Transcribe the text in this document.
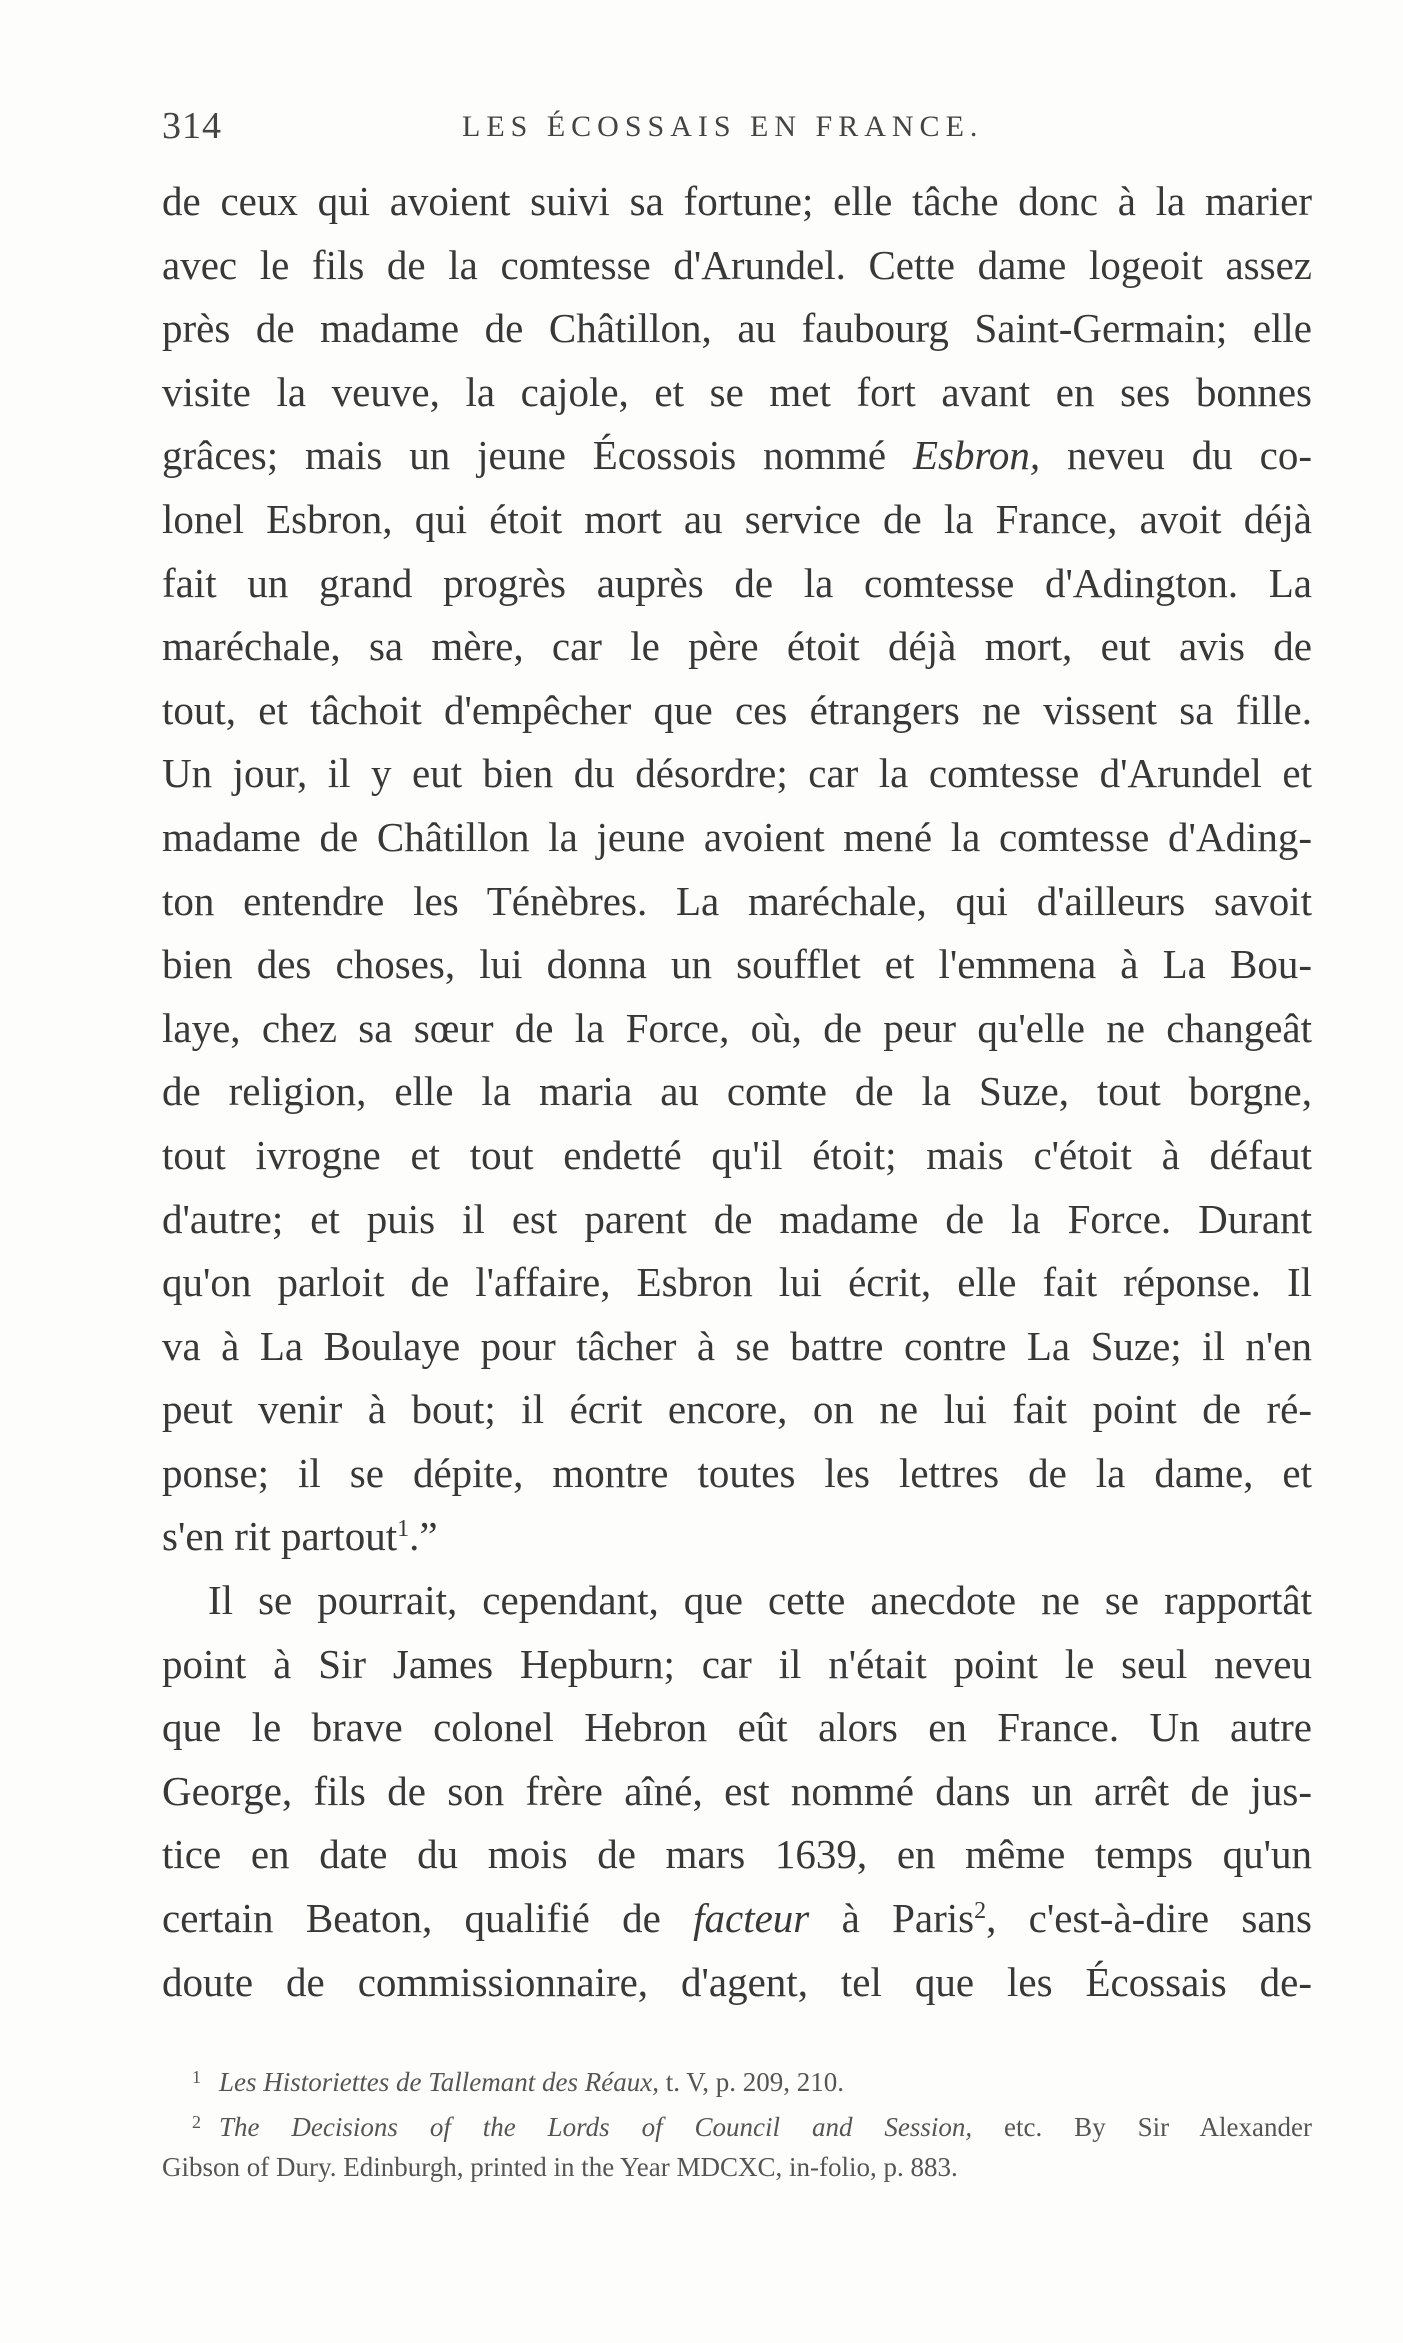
314	LES ÉCOSSAIS EN FRANCE.
de ceux qui avoient suivi sa fortune; elle tâche donc à la marier
avec le fils de la comtesse d'Arundel. Cette dame logeoit assez
près de madame de Châtillon, au faubourg Saint-Germain; elle
visite la veuve, la cajole, et se met fort avant en ses bonnes
grâces; mais un jeune Écossois nommé Esbron, neveu du co-
lonel Esbron, qui étoit mort au service de la France, avoit déjà
fait un grand progrès auprès de la comtesse d'Adington. La
maréchale, sa mère, car le père étoit déjà mort, eut avis de
tout, et tâchoit d'empêcher que ces étrangers ne vissent sa fille.
Un jour, il y eut bien du désordre; car la comtesse d'Arundel et
madame de Châtillon la jeune avoient mené la comtesse d'Ading-
ton entendre les Ténèbres. La maréchale, qui d'ailleurs savoit
bien des choses, lui donna un soufflet et l'emmena à La Bou-
laye, chez sa sœur de la Force, où, de peur qu'elle ne changeât
de religion, elle la maria au comte de la Suze, tout borgne,
tout ivrogne et tout endetté qu'il étoit; mais c'étoit à défaut
d'autre; et puis il est parent de madame de la Force. Durant
qu'on parloit de l'affaire, Esbron lui écrit, elle fait réponse. Il
va à La Boulaye pour tâcher à se battre contre La Suze; il n'en
peut venir à bout; il écrit encore, on ne lui fait point de ré-
ponse; il se dépite, montre toutes les lettres de la dame, et
s'en rit partout$^1$.”
Il se pourrait, cependant, que cette anecdote ne se rapportât
point à Sir James Hepburn; car il n'était point le seul neveu
que le brave colonel Hebron eût alors en France. Un autre
George, fils de son frère aîné, est nommé dans un arrêt de jus-
tice en date du mois de mars 1639, en même temps qu'un
certain Beaton, qualifié de facteur à Paris$^2$, c'est-à-dire sans
doute de commissionnaire, d'agent, tel que les Écossais de-
$^1$ Les Historiettes de Tallemant des Réaux, t. V, p. 209, 210.
$^2$ The Decisions of the Lords of Council and Session, etc. By Sir Alexander
Gibson of Dury. Edinburgh, printed in the Year MDCXC, in-folio, p. 883.
